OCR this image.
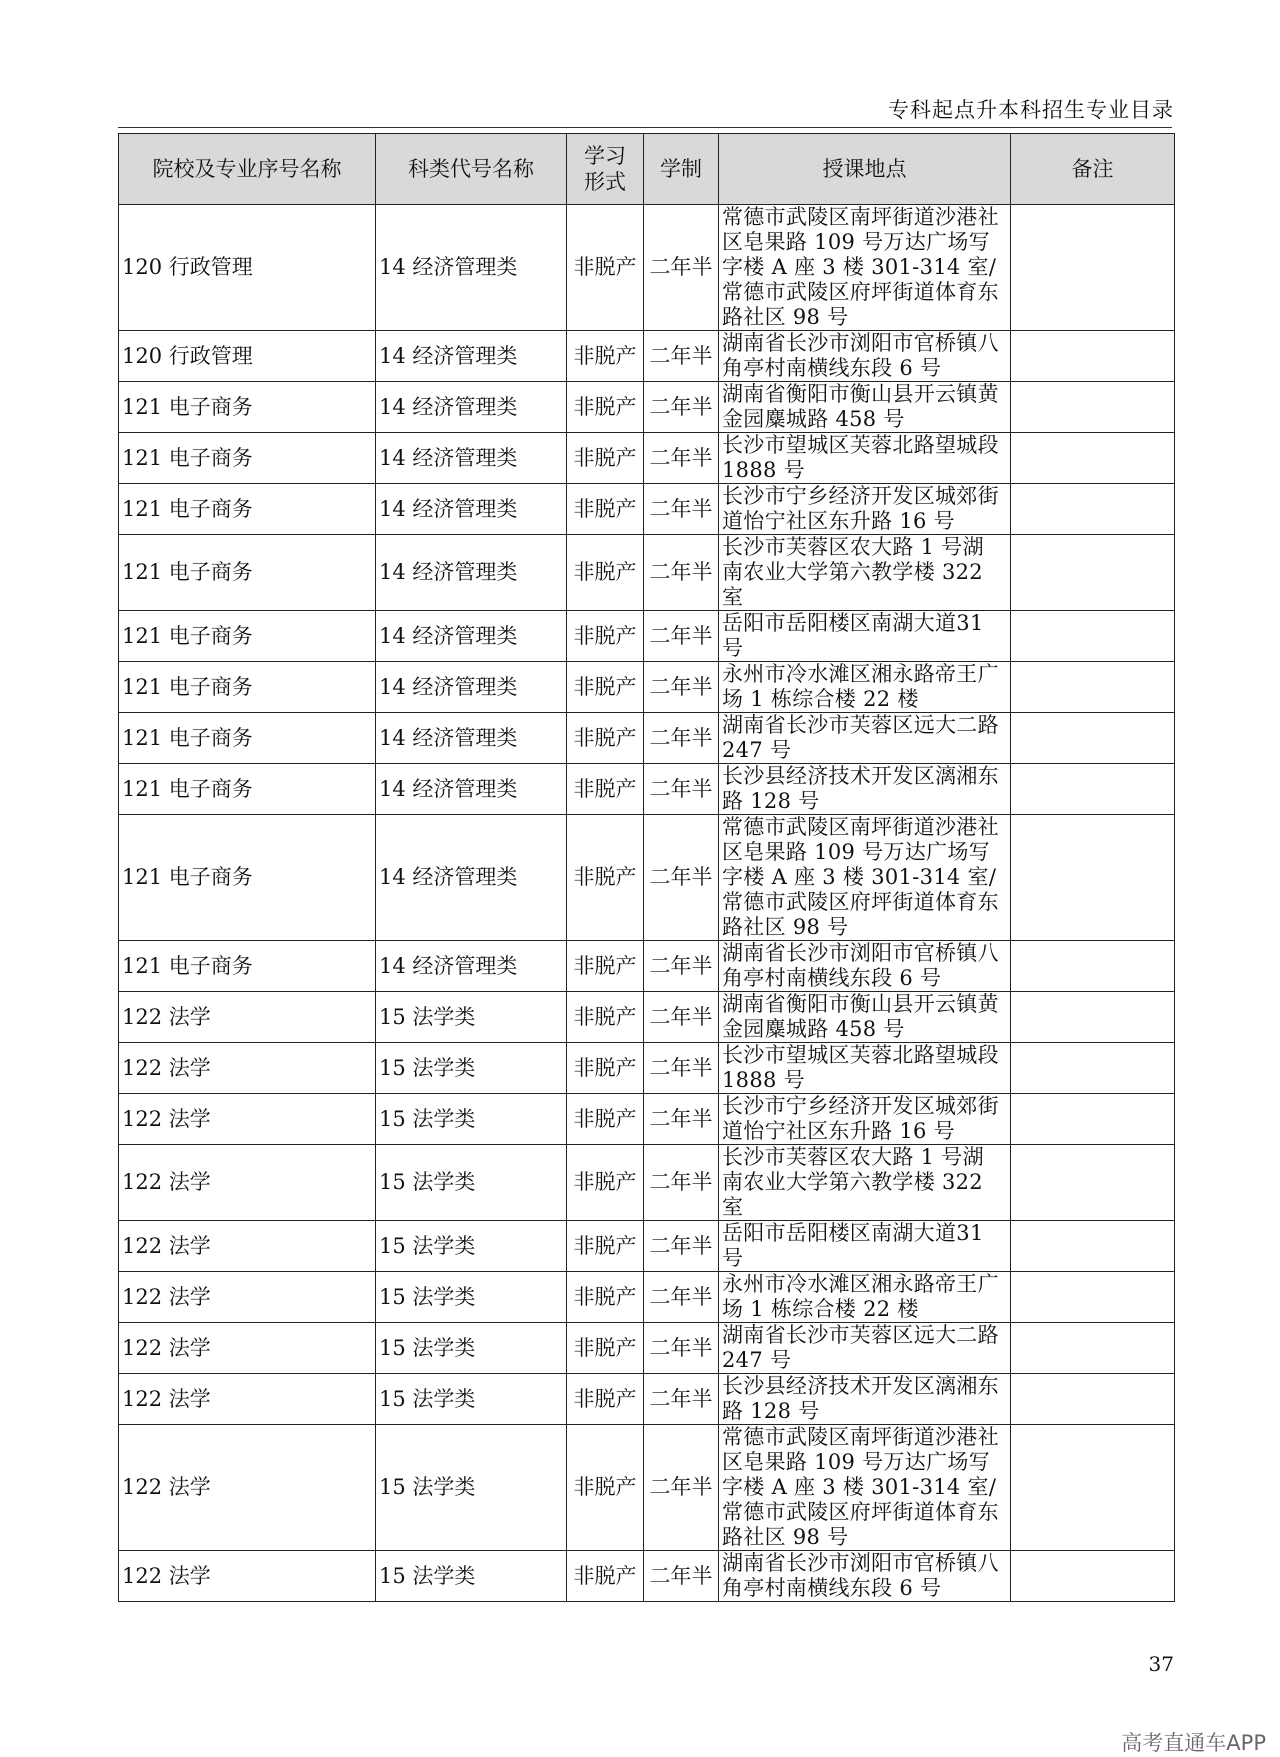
专科起点升本科招生专业目录
院校及专业序号名称	科类代号名称	学习形式	学制	授课地点	备注
120 行政管理	14 经济管理类	非脱产	二年半	常德市武陵区南坪街道沙港社区皂果路 109 号万达广场写字楼 A 座 3 楼 301-314 室/常德市武陵区府坪街道体育东路社区 98 号	
120 行政管理	14 经济管理类	非脱产	二年半	湖南省长沙市浏阳市官桥镇八角亭村南横线东段 6 号	
121 电子商务	14 经济管理类	非脱产	二年半	湖南省衡阳市衡山县开云镇黄金园麋城路 458 号	
121 电子商务	14 经济管理类	非脱产	二年半	长沙市望城区芙蓉北路望城段 1888 号	
121 电子商务	14 经济管理类	非脱产	二年半	长沙市宁乡经济开发区城郊街道怡宁社区东升路 16 号	
121 电子商务	14 经济管理类	非脱产	二年半	长沙市芙蓉区农大路 1 号湖南农业大学第六教学楼 322 室	
121 电子商务	14 经济管理类	非脱产	二年半	岳阳市岳阳楼区南湖大道31号	
121 电子商务	14 经济管理类	非脱产	二年半	永州市冷水滩区湘永路帝王广场 1 栋综合楼 22 楼	
121 电子商务	14 经济管理类	非脱产	二年半	湖南省长沙市芙蓉区远大二路 247 号	
121 电子商务	14 经济管理类	非脱产	二年半	长沙县经济技术开发区漓湘东路 128 号	
121 电子商务	14 经济管理类	非脱产	二年半	常德市武陵区南坪街道沙港社区皂果路 109 号万达广场写字楼 A 座 3 楼 301-314 室/常德市武陵区府坪街道体育东路社区 98 号	
121 电子商务	14 经济管理类	非脱产	二年半	湖南省长沙市浏阳市官桥镇八角亭村南横线东段 6 号	
122 法学	15 法学类	非脱产	二年半	湖南省衡阳市衡山县开云镇黄金园麋城路 458 号	
122 法学	15 法学类	非脱产	二年半	长沙市望城区芙蓉北路望城段 1888 号	
122 法学	15 法学类	非脱产	二年半	长沙市宁乡经济开发区城郊街道怡宁社区东升路 16 号	
122 法学	15 法学类	非脱产	二年半	长沙市芙蓉区农大路 1 号湖南农业大学第六教学楼 322 室	
122 法学	15 法学类	非脱产	二年半	岳阳市岳阳楼区南湖大道31号	
122 法学	15 法学类	非脱产	二年半	永州市冷水滩区湘永路帝王广场 1 栋综合楼 22 楼	
122 法学	15 法学类	非脱产	二年半	湖南省长沙市芙蓉区远大二路 247 号	
122 法学	15 法学类	非脱产	二年半	长沙县经济技术开发区漓湘东路 128 号	
122 法学	15 法学类	非脱产	二年半	常德市武陵区南坪街道沙港社区皂果路 109 号万达广场写字楼 A 座 3 楼 301-314 室/常德市武陵区府坪街道体育东路社区 98 号	
122 法学	15 法学类	非脱产	二年半	湖南省长沙市浏阳市官桥镇八角亭村南横线东段 6 号	
37
高考直通车APP
